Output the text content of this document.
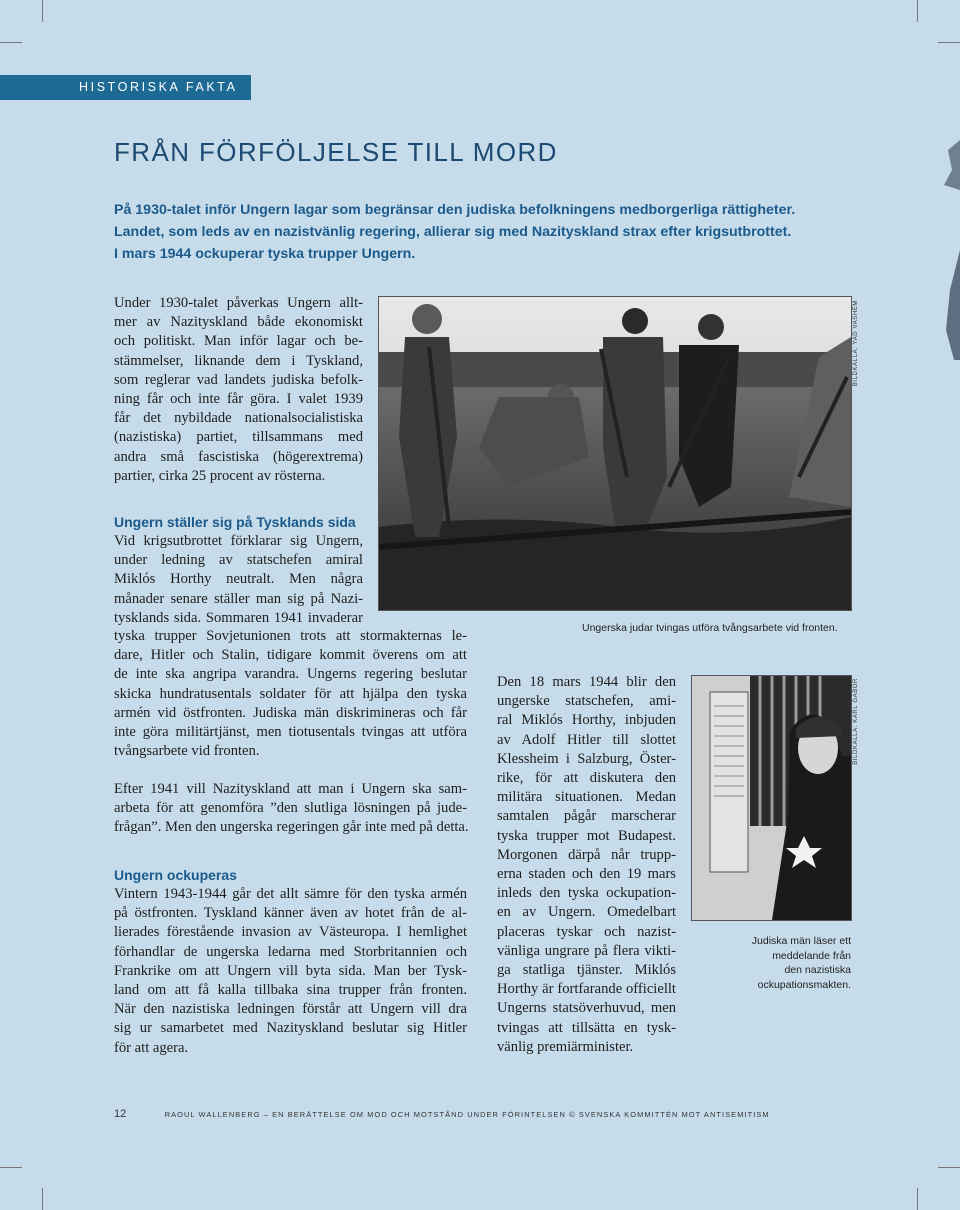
HISTORISKA FAKTA
FRÅN FÖRFÖLJELSE TILL MORD
På 1930-talet inför Ungern lagar som begränsar den judiska befolkningens medborgerliga rättigheter.
Landet, som leds av en nazistvänlig regering, allierar sig med Nazityskland strax efter krigsutbrottet.
I mars 1944 ockuperar tyska trupper Ungern.
Under 1930-talet påverkas Ungern allt-
mer av Nazityskland både ekonomiskt
och politiskt. Man inför lagar och be-
stämmelser, liknande dem i Tyskland,
som reglerar vad landets judiska befolk-
ning får och inte får göra. I valet 1939
får det nybildade nationalsocialistiska
(nazistiska) partiet, tillsammans med
andra små fascistiska (högerextrema)
partier, cirka 25 procent av rösterna.
Ungern ställer sig på Tysklands sida
Vid krigsutbrottet förklarar sig Ungern,
under ledning av statschefen amiral
Miklós Horthy neutralt. Men några
månader senare ställer man sig på Nazi-
tysklands sida. Sommaren 1941 invaderar
tyska trupper Sovjetunionen trots att stormakternas le-
dare, Hitler och Stalin, tidigare kommit överens om att
de inte ska angripa varandra. Ungerns regering beslutar
skicka hundratusentals soldater för att hjälpa den tyska
armén vid östfronten. Judiska män diskrimineras och får
inte göra militärtjänst, men tiotusentals tvingas att utföra
tvångsarbete vid fronten.
Efter 1941 vill Nazityskland att man i Ungern ska sam-
arbeta för att genomföra ”den slutliga lösningen på jude-
frågan”. Men den ungerska regeringen går inte med på detta.
Ungern ockuperas
Vintern 1943-1944 går det allt sämre för den tyska armén
på östfronten. Tyskland känner även av hotet från de al-
lierades förestående invasion av Västeuropa. I hemlighet
förhandlar de ungerska ledarna med Storbritannien och
Frankrike om att Ungern vill byta sida. Man ber Tysk-
land om att få kalla tillbaka sina trupper från fronten.
När den nazistiska ledningen förstår att Ungern vill dra
sig ur samarbetet med Nazityskland beslutar sig Hitler
för att agera.
Den 18 mars 1944 blir den
ungerske statschefen, ami-
ral Miklós Horthy, inbjuden
av Adolf Hitler till slottet
Klessheim i Salzburg, Öster-
rike, för att diskutera den
militära situationen. Medan
samtalen pågår marscherar
tyska trupper mot Budapest.
Morgonen därpå når trupp-
erna staden och den 19 mars
inleds den tyska ockupation-
en av Ungern. Omedelbart
placeras tyskar och nazist-
vänliga ungrare på flera vikti-
ga statliga tjänster. Miklós
Horthy är fortfarande officiellt
Ungerns statsöverhuvud, men
tvingas att tillsätta en tysk-
vänlig premiärminister.
BILDKÄLLA: YAD VASHEM
Ungerska judar tvingas utföra tvångsarbete vid fronten.
BILDKÄLLA: KARL GABOR
Judiska män läser ett
meddelande från
den nazistiska
ockupationsmakten.
12	RAOUL WALLENBERG – EN BERÄTTELSE OM MOD OCH MOTSTÅND UNDER FÖRINTELSEN © SVENSKA KOMMITTÉN MOT ANTISEMITISM
